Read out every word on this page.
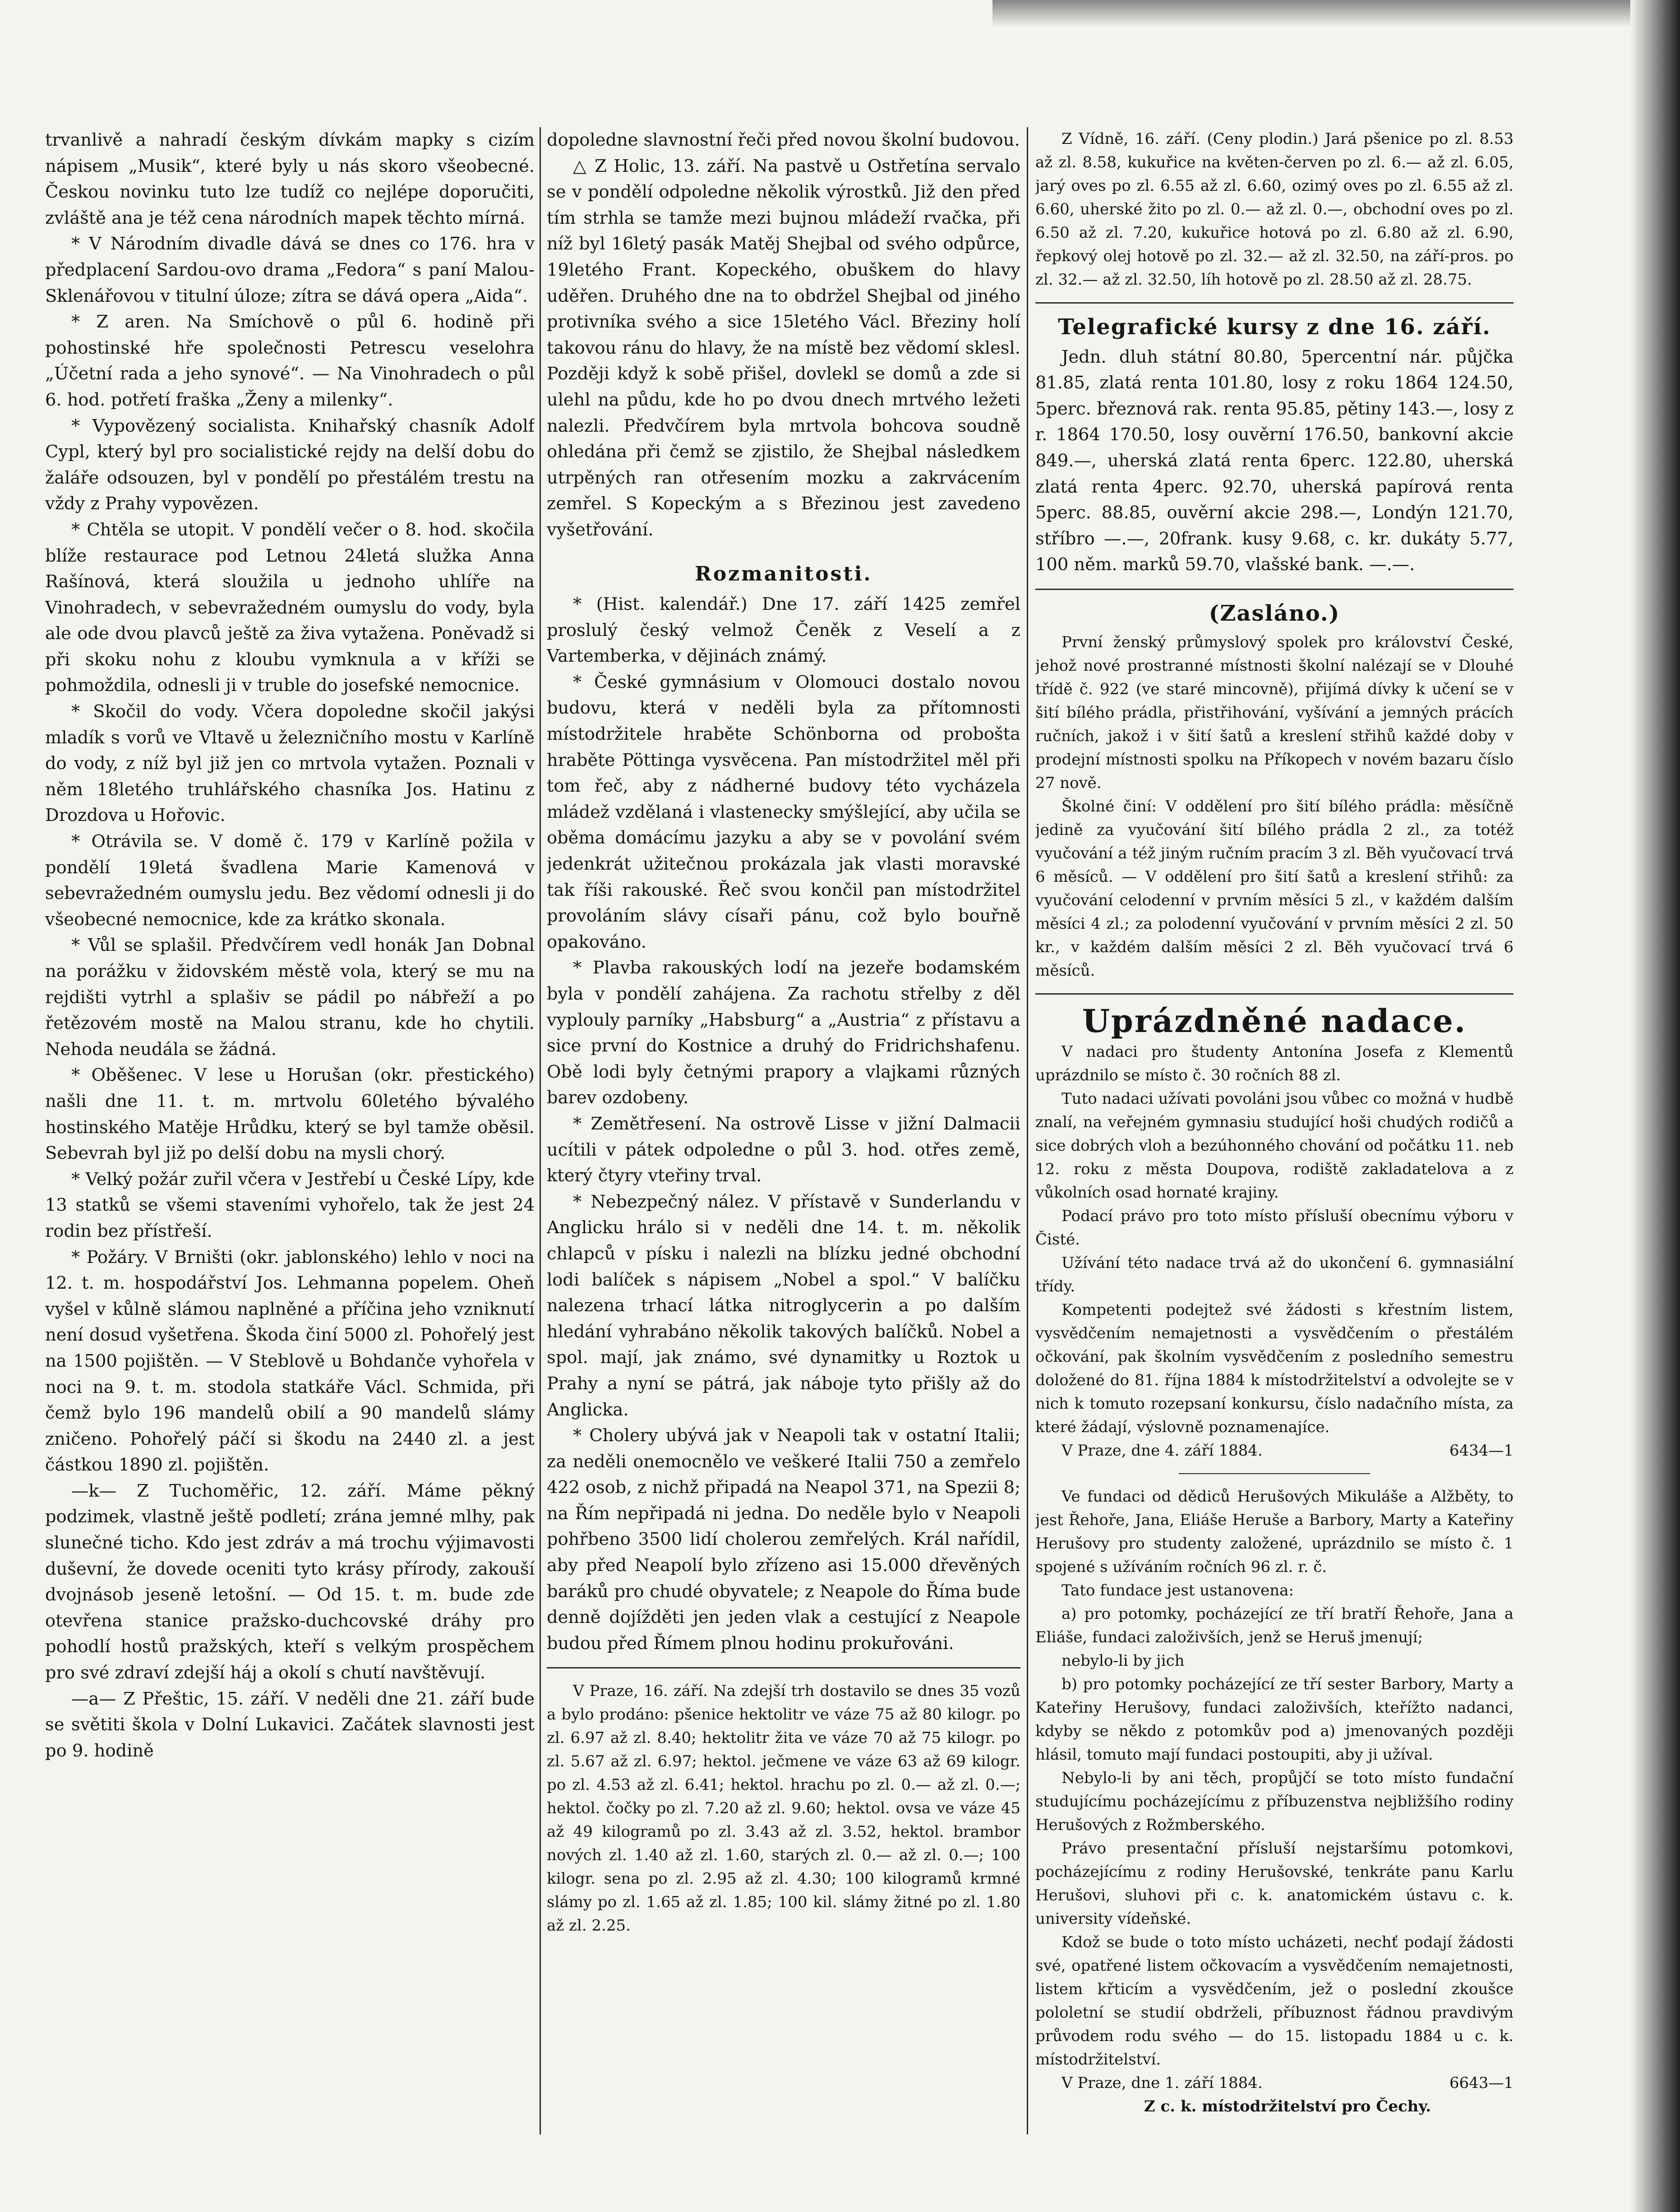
trvanlivě a nahradí českým dívkám mapky s cizím nápisem „Musik“, které byly u nás skoro všeobecné. Českou novinku tuto lze tudíž co nejlépe doporučiti, zvláště ana je též cena národních mapek těchto mírná.

* V Národním divadle dává se dnes co 176. hra v předplacení Sardou-ovo drama „Fedora“ s paní Malou-Sklenářovou v titulní úloze; zítra se dává opera „Aida“.

* Z aren. Na Smíchově o půl 6. hodině při pohostinské hře společnosti Petrescu veselohra „Účetní rada a jeho synové“. — Na Vinohradech o půl 6. hod. potřetí fraška „Ženy a milenky“.

* Vypovězený socialista. Knihařský chasník Adolf Cypl, který byl pro socialistické rejdy na delší dobu do žaláře odsouzen, byl v pondělí po přestálém trestu na vždy z Prahy vypovězen.

* Chtěla se utopit. V pondělí večer o 8. hod. skočila blíže restaurace pod Letnou 24letá služka Anna Rašínová, která sloužila u jednoho uhlíře na Vinohradech, v sebevražedném oumyslu do vody, byla ale ode dvou plavců ještě za živa vytažena. Poněvadž si při skoku nohu z kloubu vymknula a v kříži se pohmoždila, odnesli ji v truble do josefské nemocnice.

* Skočil do vody. Včera dopoledne skočil jakýsi mladík s vorů ve Vltavě u železničního mostu v Karlíně do vody, z níž byl již jen co mrtvola vytažen. Poznali v něm 18letého truhlářského chasníka Jos. Hatinu z Drozdova u Hořovic.

* Otrávila se. V domě č. 179 v Karlíně požila v pondělí 19letá švadlena Marie Kamenová v sebevražedném oumyslu jedu. Bez vědomí odnesli ji do všeobecné nemocnice, kde za krátko skonala.

* Vůl se splašil. Předvčírem vedl honák Jan Dobnal na porážku v židovském městě vola, který se mu na rejdišti vytrhl a splašiv se pádil po nábřeží a po řetězovém mostě na Malou stranu, kde ho chytili. Nehoda neudála se žádná.

* Oběšenec. V lese u Horušan (okr. přestického) našli dne 11. t. m. mrtvolu 60letého bývalého hostinského Matěje Hrůdku, který se byl tamže oběsil. Sebevrah byl již po delší dobu na mysli chorý.

* Velký požár zuřil včera v Jestřebí u České Lípy, kde 13 statků se všemi staveními vyhořelo, tak že jest 24 rodin bez přístřeší.

* Požáry. V Brništi (okr. jablonského) lehlo v noci na 12. t. m. hospodářství Jos. Lehmanna popelem. Oheň vyšel v kůlně slámou naplněné a příčina jeho vzniknutí není dosud vyšetřena. Škoda činí 5000 zl. Pohořelý jest na 1500 pojištěn. — V Steblově u Bohdanče vyhořela v noci na 9. t. m. stodola statkáře Václ. Schmida, při čemž bylo 196 mandelů obilí a 90 mandelů slámy zničeno. Pohořelý páčí si škodu na 2440 zl. a jest částkou 1890 zl. pojištěn.

—k— Z Tuchoměřic, 12. září. Máme pěkný podzimek, vlastně ještě podletí; zrána jemné mlhy, pak slunečné ticho. Kdo jest zdráv a má trochu výjimavosti duševní, že dovede oceniti tyto krásy přírody, zakouší dvojnásob jeseně letošní. — Od 15. t. m. bude zde otevřena stanice pražsko-duchcovské dráhy pro pohodlí hostů pražských, kteří s velkým prospěchem pro své zdraví zdejší háj a okolí s chutí navštěvují.

—a— Z Přeštic, 15. září. V neděli dne 21. září bude se světiti škola v Dolní Lukavici. Začátek slavnosti jest po 9. hodině

dopoledne slavnostní řeči před novou školní budovou.

△ Z Holic, 13. září. Na pastvě u Ostřetína servalo se v pondělí odpoledne několik výrostků. Již den před tím strhla se tamže mezi bujnou mládeží rvačka, při níž byl 16letý pasák Matěj Shejbal od svého odpůrce, 19letého Frant. Kopeckého, obuškem do hlavy uděřen. Druhého dne na to obdržel Shejbal od jiného protivníka svého a sice 15letého Václ. Březiny holí takovou ránu do hlavy, že na místě bez vědomí sklesl. Později když k sobě přišel, dovlekl se domů a zde si ulehl na půdu, kde ho po dvou dnech mrtvého ležeti nalezli. Předvčírem byla mrtvola bohcova soudně ohledána při čemž se zjistilo, že Shejbal následkem utrpěných ran otřesením mozku a zakrvácením zemřel. S Kopeckým a s Březinou jest zavedeno vyšetřování.

Rozmanitosti.

* (Hist. kalendář.) Dne 17. září 1425 zemřel proslulý český velmož Čeněk z Veselí a z Vartemberka, v dějinách známý.

* České gymnásium v Olomouci dostalo novou budovu, která v neděli byla za přítomnosti místodržitele hraběte Schönborna od proboštа hraběte Pöttinga vysvěcena. Pan místodržitel měl při tom řeč, aby z nádherné budovy této vycházela mládež vzdělaná i vlastenecky smýšlející, aby učila se oběma domácímu jazyku a aby se v povolání svém jedenkrát užitečnou prokázala jak vlasti moravské tak říši rakouské. Řeč svou končil pan místodržitel provoláním slávy císaři pánu, což bylo bouřně opakováno.

* Plavba rakouských lodí na jezeře bodamském byla v pondělí zahájena. Za rachotu střelby z děl vyplouly parníky „Habsburg“ a „Austria“ z přístavu a sice první do Kostnice a druhý do Fridrichshafenu. Obě lodi byly četnými prapory a vlajkami různých barev ozdobeny.

* Zemětřesení. Na ostrově Lisse v jižní Dalmacii ucítili v pátek odpoledne o půl 3. hod. otřes země, který čtyry vteřiny trval.

* Nebezpečný nález. V přístavě v Sunderlandu v Anglicku hrálo si v neděli dne 14. t. m. několik chlapců v písku i nalezli na blízku jedné obchodní lodi balíček s nápisem „Nobel a spol.“ V balíčku nalezena trhací látka nitroglycerin a po dalším hledání vyhrabáno několik takových balíčků. Nobel a spol. mají, jak známo, své dynamitky u Roztok u Prahy a nyní se pátrá, jak náboje tyto přišly až do Anglicka.

* Cholery ubývá jak v Neapoli tak v ostatní Italii; za neděli onemocnělo ve veškeré Italii 750 a zemřelo 422 osob, z nichž připadá na Neapol 371, na Spezii 8; na Řím nepřipadá ni jedna. Do neděle bylo v Neapoli pohřbeno 3500 lidí cholerou zemřelých. Král nařídil, aby před Neapolí bylo zřízeno asi 15.000 dřevěných baráků pro chudé obyvatele; z Neapole do Říma bude denně dojížděti jen jeden vlak a cestující z Neapole budou před Římem plnou hodinu prokuřováni.

V Praze, 16. září. Na zdejší trh dostavilo se dnes 35 vozů a bylo prodáno: pšenice hektolitr ve váze 75 až 80 kilogr. po zl. 6.97 až zl. 8.40; hektolitr žita ve váze 70 až 75 kilogr. po zl. 5.67 až zl. 6.97; hektol. ječmene ve váze 63 až 69 kilogr. po zl. 4.53 až zl. 6.41; hektol. hrachu po zl. 0.— až zl. 0.—; hektol. čočky po zl. 7.20 až zl. 9.60; hektol. ovsa ve váze 45 až 49 kilogramů po zl. 3.43 až zl. 3.52, hektol. brambor nových zl. 1.40 až zl. 1.60, starých zl. 0.— až zl. 0.—; 100 kilogr. sena po zl. 2.95 až zl. 4.30; 100 kilogramů krmné slámy po zl. 1.65 až zl. 1.85; 100 kil. slámy žitné po zl. 1.80 až zl. 2.25.

Z Vídně, 16. září. (Ceny plodin.) Jará pšenice po zl. 8.53 až zl. 8.58, kukuřice na květen-červen po zl. 6.— až zl. 6.05, jarý oves po zl. 6.55 až zl. 6.60, ozimý oves po zl. 6.55 až zl. 6.60, uherské žito po zl. 0.— až zl. 0.—, obchodní oves po zl. 6.50 až zl. 7.20, kukuřice hotová po zl. 6.80 až zl. 6.90, řepkový olej hotově po zl. 32.— až zl. 32.50, na září-pros. po zl. 32.— až zl. 32.50, líh hotově po zl. 28.50 až zl. 28.75.

Telegrafické kursy z dne 16. září.

Jedn. dluh státní 80.80, 5percentní nár. půjčka 81.85, zlatá renta 101.80, losy z roku 1864 124.50, 5perc. březnová rak. renta 95.85, pětiny 143.—, losy z r. 1864 170.50, losy ouvěrní 176.50, bankovní akcie 849.—, uherská zlatá renta 6perc. 122.80, uherská zlatá renta 4perc. 92.70, uherská papírová renta 5perc. 88.85, ouvěrní akcie 298.—, Londýn 121.70, stříbro —.—, 20frank. kusy 9.68, c. kr. dukáty 5.77, 100 něm. marků 59.70, vlašské bank. —.—.

(Zasláno.)

První ženský průmyslový spolek pro království České, jehož nové prostranné místnosti školní nalézají se v Dlouhé třídě č. 922 (ve staré mincovně), přijímá dívky k učení se v šití bílého prádla, přistřihování, vyšívání a jemných prácích ručních, jakož i v šití šatů a kreslení střihů každé doby v prodejní místnosti spolku na Příkopech v novém bazaru číslo 27 nově.

Školné činí: V oddělení pro šití bílého prádla: měsíčně jedině za vyučování šití bílého prádla 2 zl., za totéž vyučování a též jiným ručním pracím 3 zl. Běh vyučovací trvá 6 měsíců. — V oddělení pro šití šatů a kreslení střihů: za vyučování celodenní v prvním měsíci 5 zl., v každém dalším měsíci 4 zl.; za polodenní vyučování v prvním měsíci 2 zl. 50 kr., v každém dalším měsíci 2 zl. Běh vyučovací trvá 6 měsíců.

Uprázdněné nadace.

V nadaci pro študenty Antonína Josefa z Klementů uprázdnilo se místo č. 30 ročních 88 zl.

Tuto nadaci užívati povoláni jsou vůbec co možná v hudbě znalí, na veřejném gymnasiu studující hoši chudých rodičů a sice dobrých vloh a bezúhonného chování od počátku 11. neb 12. roku z města Doupova, rodiště zakladatelova a z vůkolních osad hornaté krajiny.

Podací právo pro toto místo přísluší obecnímu výboru v Čisté.

Užívání této nadace trvá až do ukončení 6. gymnasiální třídy.

Kompetenti podejtež své žádosti s křestním listem, vysvědčením nemajetnosti a vysvědčením o přestálém očkování, pak školním vysvědčením z posledního semestru doložené do 81. října 1884 k místodržitelství a odvolejte se v nich k tomuto rozepsaní konkursu, číslo nadačního místa, za které žádají, výslovně poznamenajíce.

V Praze, dne 4. září 1884.	6434—1

Ve fundaci od dědiců Herušových Mikuláše a Alžběty, to jest Řehoře, Jana, Eliáše Heruše a Barbory, Marty a Kateřiny Herušovy pro studenty založené, uprázdnilo se místo č. 1 spojené s užíváním ročních 96 zl. r. č.

Tato fundace jest ustanovena:

a) pro potomky, pocházející ze tří bratří Řehoře, Jana a Eliáše, fundaci založivších, jenž se Heruš jmenují;

nebylo-li by jich

b) pro potomky pocházející ze tří sester Barbory, Marty a Kateřiny Herušovy, fundaci založivších, kteřížto nadanci, kdyby se někdo z potomkův pod a) jmenovaných později hlásil, tomuto mají fundaci postoupiti, aby ji užíval.

Nebylo-li by ani těch, propůjčí se toto místo fundační studujícímu pocházejícímu z příbuzenstva nejbližšího rodiny Herušových z Rožmberského.

Právo presentační přísluší nejstaršímu potomkovi, pocházejícímu z rodiny Herušovské, tenkráte panu Karlu Herušovi, sluhovi při c. k. anatomickém ústavu c. k. university vídeňské.

Kdož se bude o toto místo ucházeti, nechť podají žádosti své, opatřené listem očkovacím a vysvědčením nemajetnosti, listem křticím a vysvědčením, jež o poslední zkoušce pololetní se studií obdrželi, příbuznost řádnou pravdivým průvodem rodu svého — do 15. listopadu 1884 u c. k. místodržitelství.

V Praze, dne 1. září 1884.	6643—1

Z c. k. místodržitelství pro Čechy.
